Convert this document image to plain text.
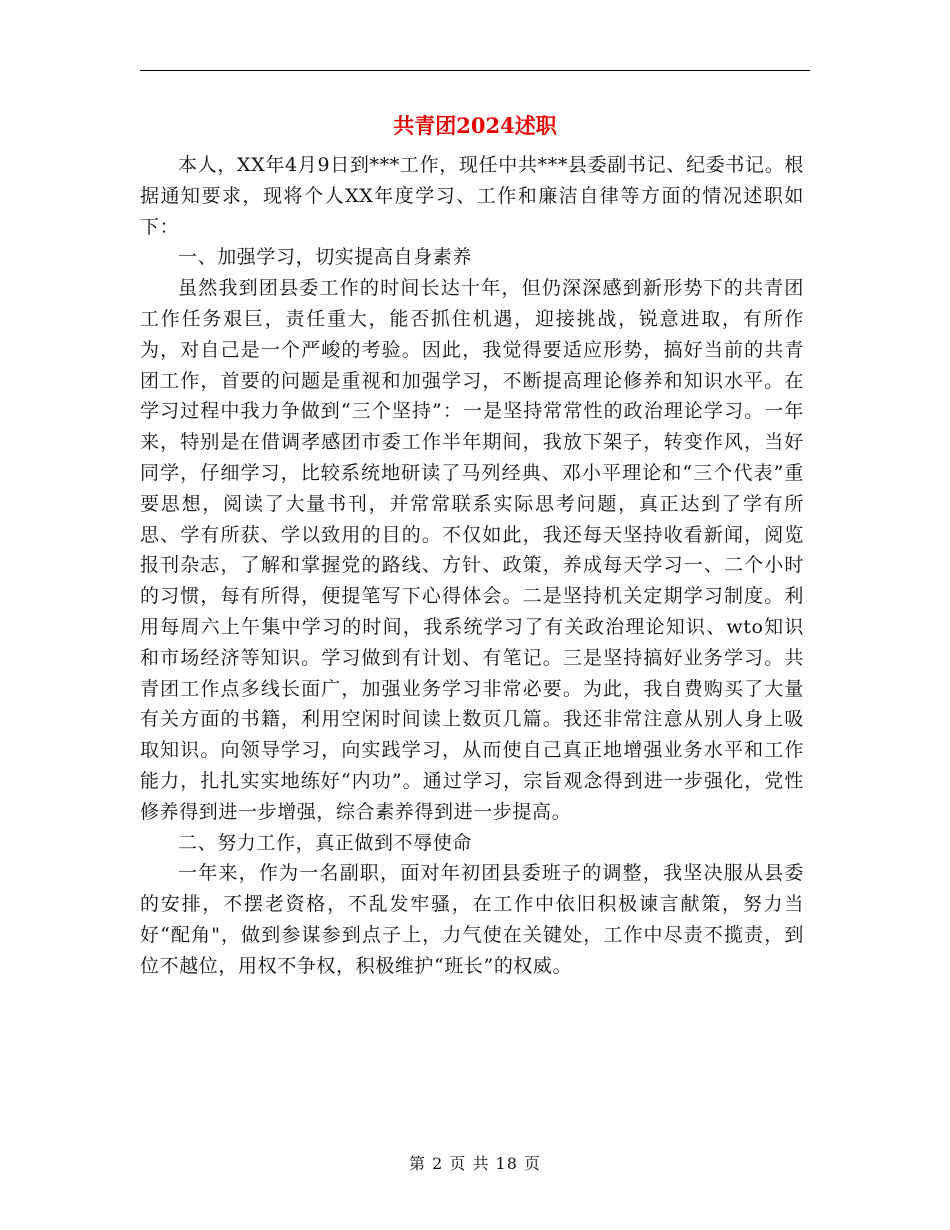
共青团2024述职

本人，XX年4月9日到***工作，现任中共***县委副书记、纪委书记。根据通知要求，现将个人XX年度学习、工作和廉洁自律等方面的情况述职如下：

一、加强学习，切实提高自身素养

虽然我到团县委工作的时间长达十年，但仍深深感到新形势下的共青团工作任务艰巨，责任重大，能否抓住机遇，迎接挑战，锐意进取，有所作为，对自己是一个严峻的考验。因此，我觉得要适应形势，搞好当前的共青团工作，首要的问题是重视和加强学习，不断提高理论修养和知识水平。在学习过程中我力争做到“三个坚持”：一是坚持常常性的政治理论学习。一年来，特别是在借调孝感团市委工作半年期间，我放下架子，转变作风，当好同学，仔细学习，比较系统地研读了马列经典、邓小平理论和“三个代表”重要思想，阅读了大量书刊，并常常联系实际思考问题，真正达到了学有所思、学有所获、学以致用的目的。不仅如此，我还每天坚持收看新闻，阅览报刊杂志，了解和掌握党的路线、方针、政策，养成每天学习一、二个小时的习惯，每有所得，便提笔写下心得体会。二是坚持机关定期学习制度。利用每周六上午集中学习的时间，我系统学习了有关政治理论知识、wto知识和市场经济等知识。学习做到有计划、有笔记。三是坚持搞好业务学习。共青团工作点多线长面广，加强业务学习非常必要。为此，我自费购买了大量有关方面的书籍，利用空闲时间读上数页几篇。我还非常注意从别人身上吸取知识。向领导学习，向实践学习，从而使自己真正地增强业务水平和工作能力，扎扎实实地练好“内功”。通过学习，宗旨观念得到进一步强化，党性 修养得到进一步增强，综合素养得到进一步提高。

二、努力工作，真正做到不辱使命

一年来，作为一名副职，面对年初团县委班子的调整，我坚决服从县委的安排，不摆老资格，不乱发牢骚，在工作中依旧积极谏言献策，努力当好“配角"，做到参谋参到点子上，力气使在关键处，工作中尽责不揽责，到位不越位，用权不争权，积极维护“班长”的权威。

第 2 页 共 18 页
